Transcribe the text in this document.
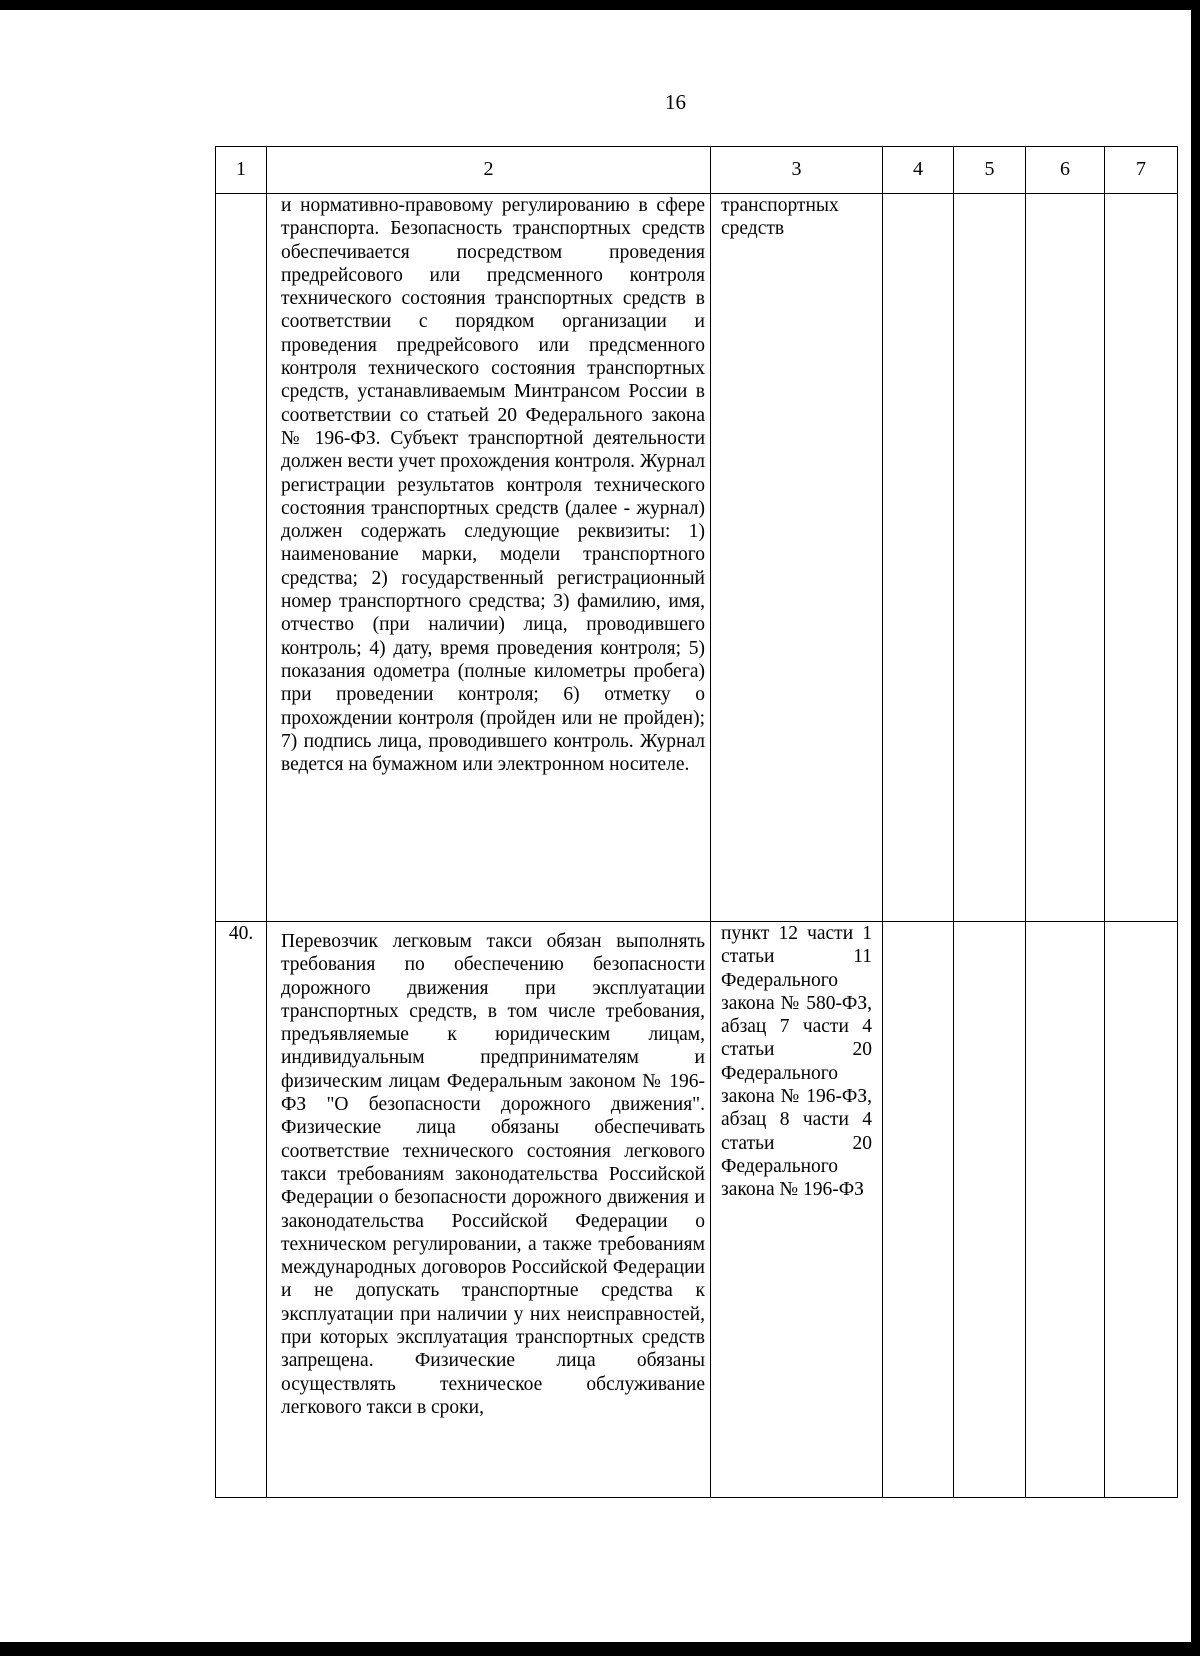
16
1	2	3	4	5	6	7

	и нормативно-правовому регулированию в сфере транспорта. Безопасность транспортных средств обеспечивается посредством проведения предрейсового или предсменного контроля технического состояния транспортных средств в соответствии с порядком организации и проведения предрейсового или предсменного контроля технического состояния транспортных средств, устанавливаемым Минтрансом России в соответствии со статьей 20 Федерального закона № 196-ФЗ. Субъект транспортной деятельности должен вести учет прохождения контроля. Журнал регистрации результатов контроля технического состояния транспортных средств (далее - журнал) должен содержать следующие реквизиты: 1) наименование марки, модели транспортного средства; 2) государственный регистрационный номер транспортного средства; 3) фамилию, имя, отчество (при наличии) лица, проводившего контроль; 4) дату, время проведения контроля; 5) показания одометра (полные километры пробега) при проведении контроля; 6) отметку о прохождении контроля (пройден или не пройден); 7) подпись лица, проводившего контроль. Журнал ведется на бумажном или электронном носителе.	транспортных средств				

40.	Перевозчик легковым такси обязан выполнять требования по обеспечению безопасности дорожного движения при эксплуатации транспортных средств, в том числе требования, предъявляемые к юридическим лицам, индивидуальным предпринимателям и физическим лицам Федеральным законом № 196-ФЗ "О безопасности дорожного движения". Физические лица обязаны обеспечивать соответствие технического состояния легкового такси требованиям законодательства Российской Федерации о безопасности дорожного движения и законодательства Российской Федерации о техническом регулировании, а также требованиям международных договоров Российской Федерации и не допускать транспортные средства к эксплуатации при наличии у них неисправностей, при которых эксплуатация транспортных средств запрещена. Физические лица обязаны осуществлять техническое обслуживание легкового такси в сроки,	пункт 12 части 1 статьи 11 Федерального закона № 580-ФЗ, абзац 7 части 4 статьи 20 Федерального закона № 196-ФЗ, абзац 8 части 4 статьи 20 Федерального закона № 196-ФЗ				
